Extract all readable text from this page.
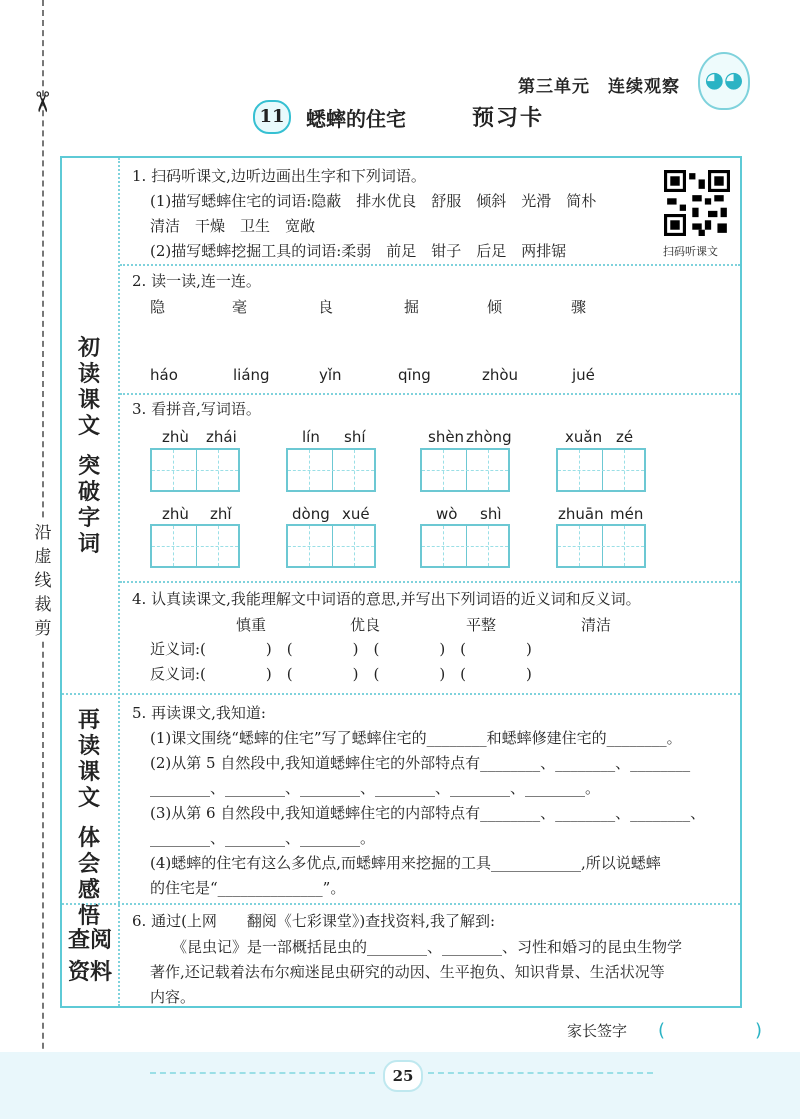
✂
沿虚线裁剪
第三单元　连续观察	◕◕
11	蟋蟀的住宅	预习卡
初
读
课
文
突
破
字
词
再
读
课
文
体
会
感
悟
查 阅
资 料
1. 扫码听课文,边听边画出生字和下列词语。
(1)描写蟋蟀住宅的词语:隐蔽　排水优良　舒服　倾斜　光滑　简朴
清洁　干燥　卫生　宽敞
(2)描写蟋蟀挖掘工具的词语:柔弱　前足　钳子　后足　两排锯	扫码听课文
2. 读一读,连一连。
隐	毫	良	掘	倾	骤
háo	liáng	yǐn	qīng	zhòu	jué
3. 看拼音,写词语。
zhù zhái	lín shí	shèn zhòng	xuǎn zé
zhù zhǐ	dòng xué	wò shì	zhuān mén
4. 认真读课文,我能理解文中词语的意思,并写出下列词语的近义词和反义词。
慎重	优良	平整	清洁
近义词:(　　　　)　(　　　　)　(　　　　)　(　　　　)
反义词:(　　　　)　(　　　　)　(　　　　)　(　　　　)
5. 再读课文,我知道:
(1)课文围绕“蟋蟀的住宅”写了蟋蟀住宅的________和蟋蟀修建住宅的________。
(2)从第 5 自然段中,我知道蟋蟀住宅的外部特点有________、________、________
________、________、________、________、________、________。
(3)从第 6 自然段中,我知道蟋蟀住宅的内部特点有________、________、________、
________、________、________。
(4)蟋蟀的住宅有这么多优点,而蟋蟀用来挖掘的工具____________,所以说蟋蟀
的住宅是“______________”。
6. 通过(上网　　翻阅《七彩课堂》)查找资料,我了解到:
《昆虫记》是一部概括昆虫的________、________、习性和婚习的昆虫生物学
著作,还记载着法布尔痴迷昆虫研究的动因、生平抱负、知识背景、生活状况等
内容。
家长签字 (　　　　　)
25
